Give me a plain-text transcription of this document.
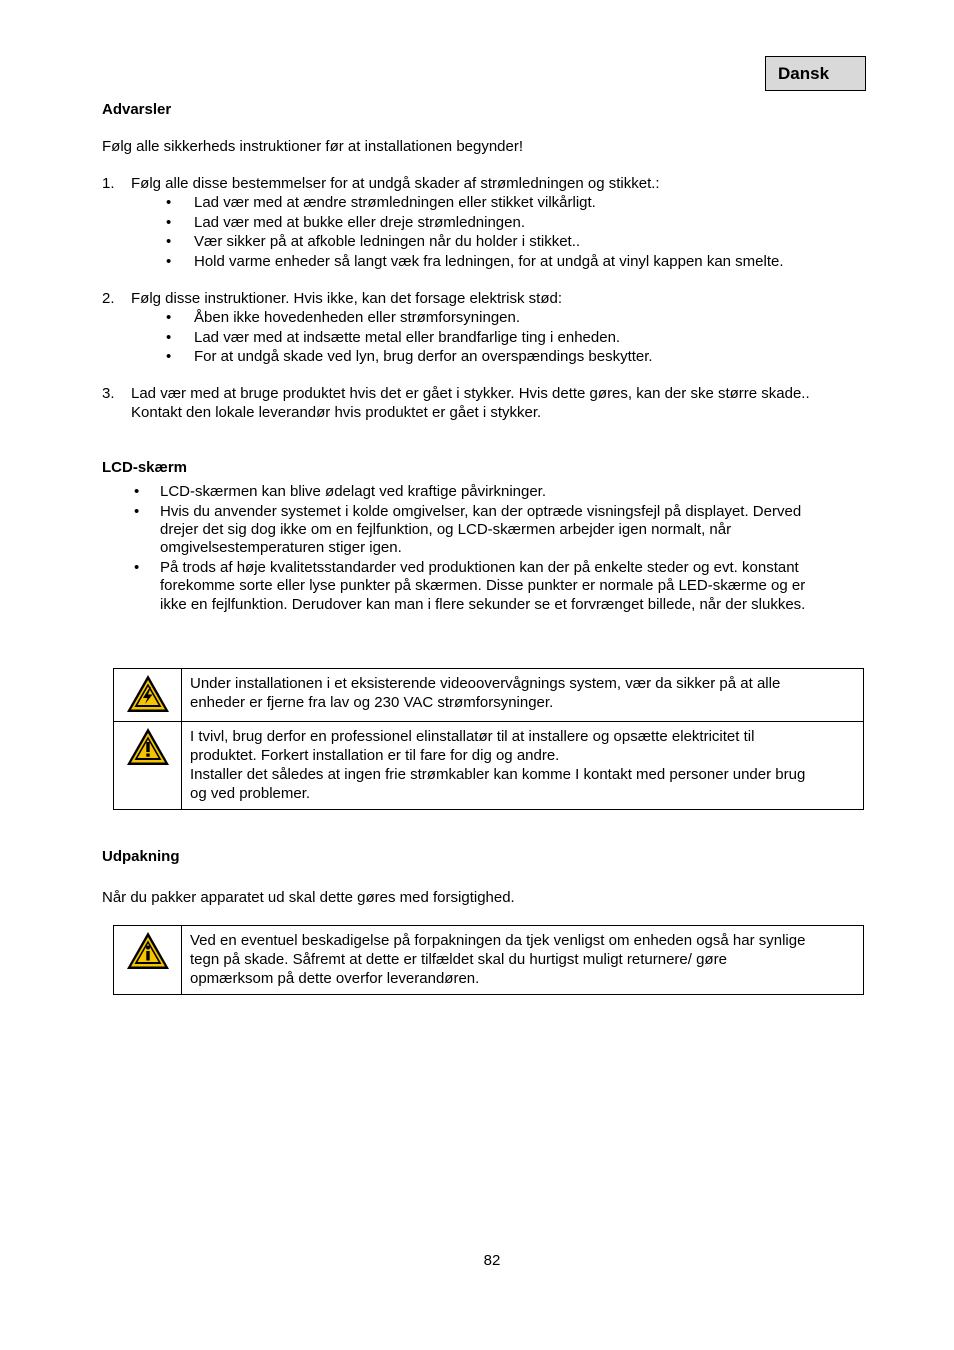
Dansk
Advarsler
Følg alle sikkerheds instruktioner før at installationen begynder!
1. Følg alle disse bestemmelser for at undgå skader af strømledningen og stikket.:
• Lad vær med at ændre strømledningen eller stikket vilkårligt.
• Lad vær med at bukke eller dreje strømledningen.
• Vær sikker på at afkoble ledningen når du holder i stikket..
• Hold varme enheder så langt væk fra ledningen, for at undgå at vinyl kappen kan smelte.
2. Følg disse instruktioner. Hvis ikke, kan det forsage elektrisk stød:
• Åben ikke hovedenheden eller strømforsyningen.
• Lad vær med at indsætte metal eller brandfarlige ting i enheden.
• For at undgå skade ved lyn, brug derfor an overspændings beskytter.
3. Lad vær med at bruge produktet hvis det er gået i stykker. Hvis dette gøres, kan der ske større skade..
Kontakt den lokale leverandør hvis produktet er gået i stykker.
LCD-skærm
• LCD-skærmen kan blive ødelagt ved kraftige påvirkninger.
• Hvis du anvender systemet i kolde omgivelser, kan der optræde visningsfejl på displayet. Derved
drejer det sig dog ikke om en fejlfunktion, og LCD-skærmen arbejder igen normalt, når
omgivelsestemperaturen stiger igen.
• På trods af høje kvalitetsstandarder ved produktionen kan der på enkelte steder og evt. konstant
forekomme sorte eller lyse punkter på skærmen. Disse punkter er normale på LED-skærme og er
ikke en fejlfunktion. Derudover kan man i flere sekunder se et forvrænget billede, når der slukkes.

Under installationen i et eksisterende videoovervågnings system, vær da sikker på at alle
enheder er fjerne fra lav og 230 VAC strømforsyninger.

I tvivl, brug derfor en professionel elinstallatør til at installere og opsætte elektricitet til
produktet. Forkert installation er til fare for dig og andre.
Installer det således at ingen frie strømkabler kan komme I kontakt med personer under brug
og ved problemer.
Udpakning
Når du pakker apparatet ud skal dette gøres med forsigtighed.

Ved en eventuel beskadigelse på forpakningen da tjek venligst om enheden også har synlige
tegn på skade. Såfremt at dette er tilfældet skal du hurtigst muligt returnere/ gøre
opmærksom på dette overfor leverandøren.
82
